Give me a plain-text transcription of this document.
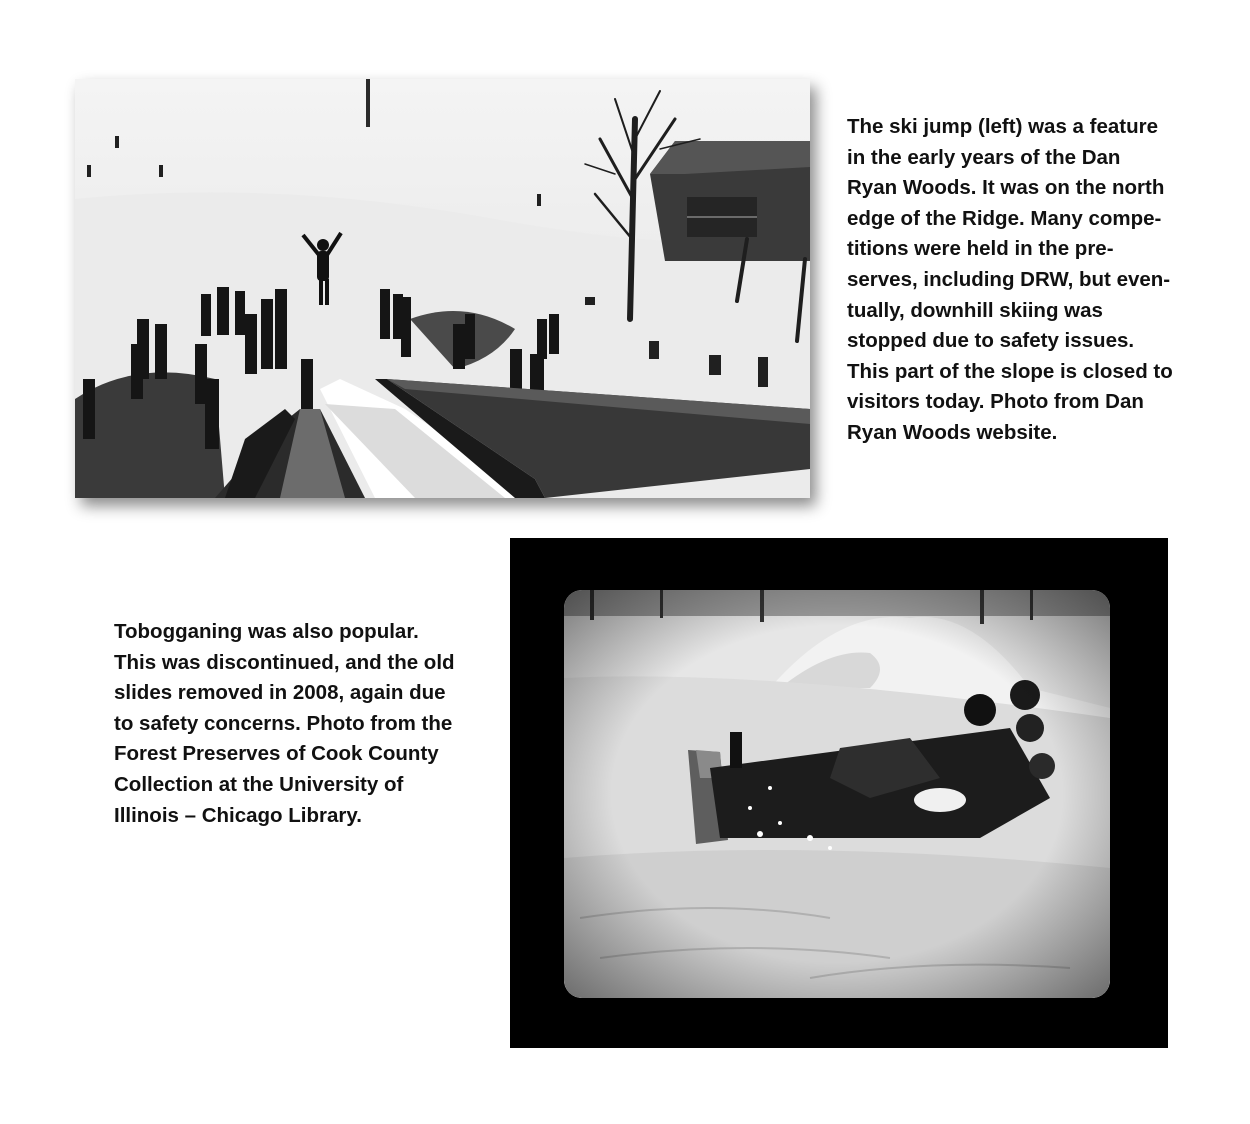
The ski jump (left) was a feature
in the early years of the Dan
Ryan Woods. It was on the north
edge of the Ridge. Many compe-
titions were held in the pre-
serves, including DRW, but even-
tually, downhill skiing was
stopped due to safety issues.
This part of the slope is closed to
visitors today. Photo from Dan
Ryan Woods website.

Tobogganing was also popular.
This was discontinued, and the old
slides removed in 2008, again due
to safety concerns. Photo from the
Forest Preserves of Cook County
Collection at the University of
Illinois – Chicago Library.
